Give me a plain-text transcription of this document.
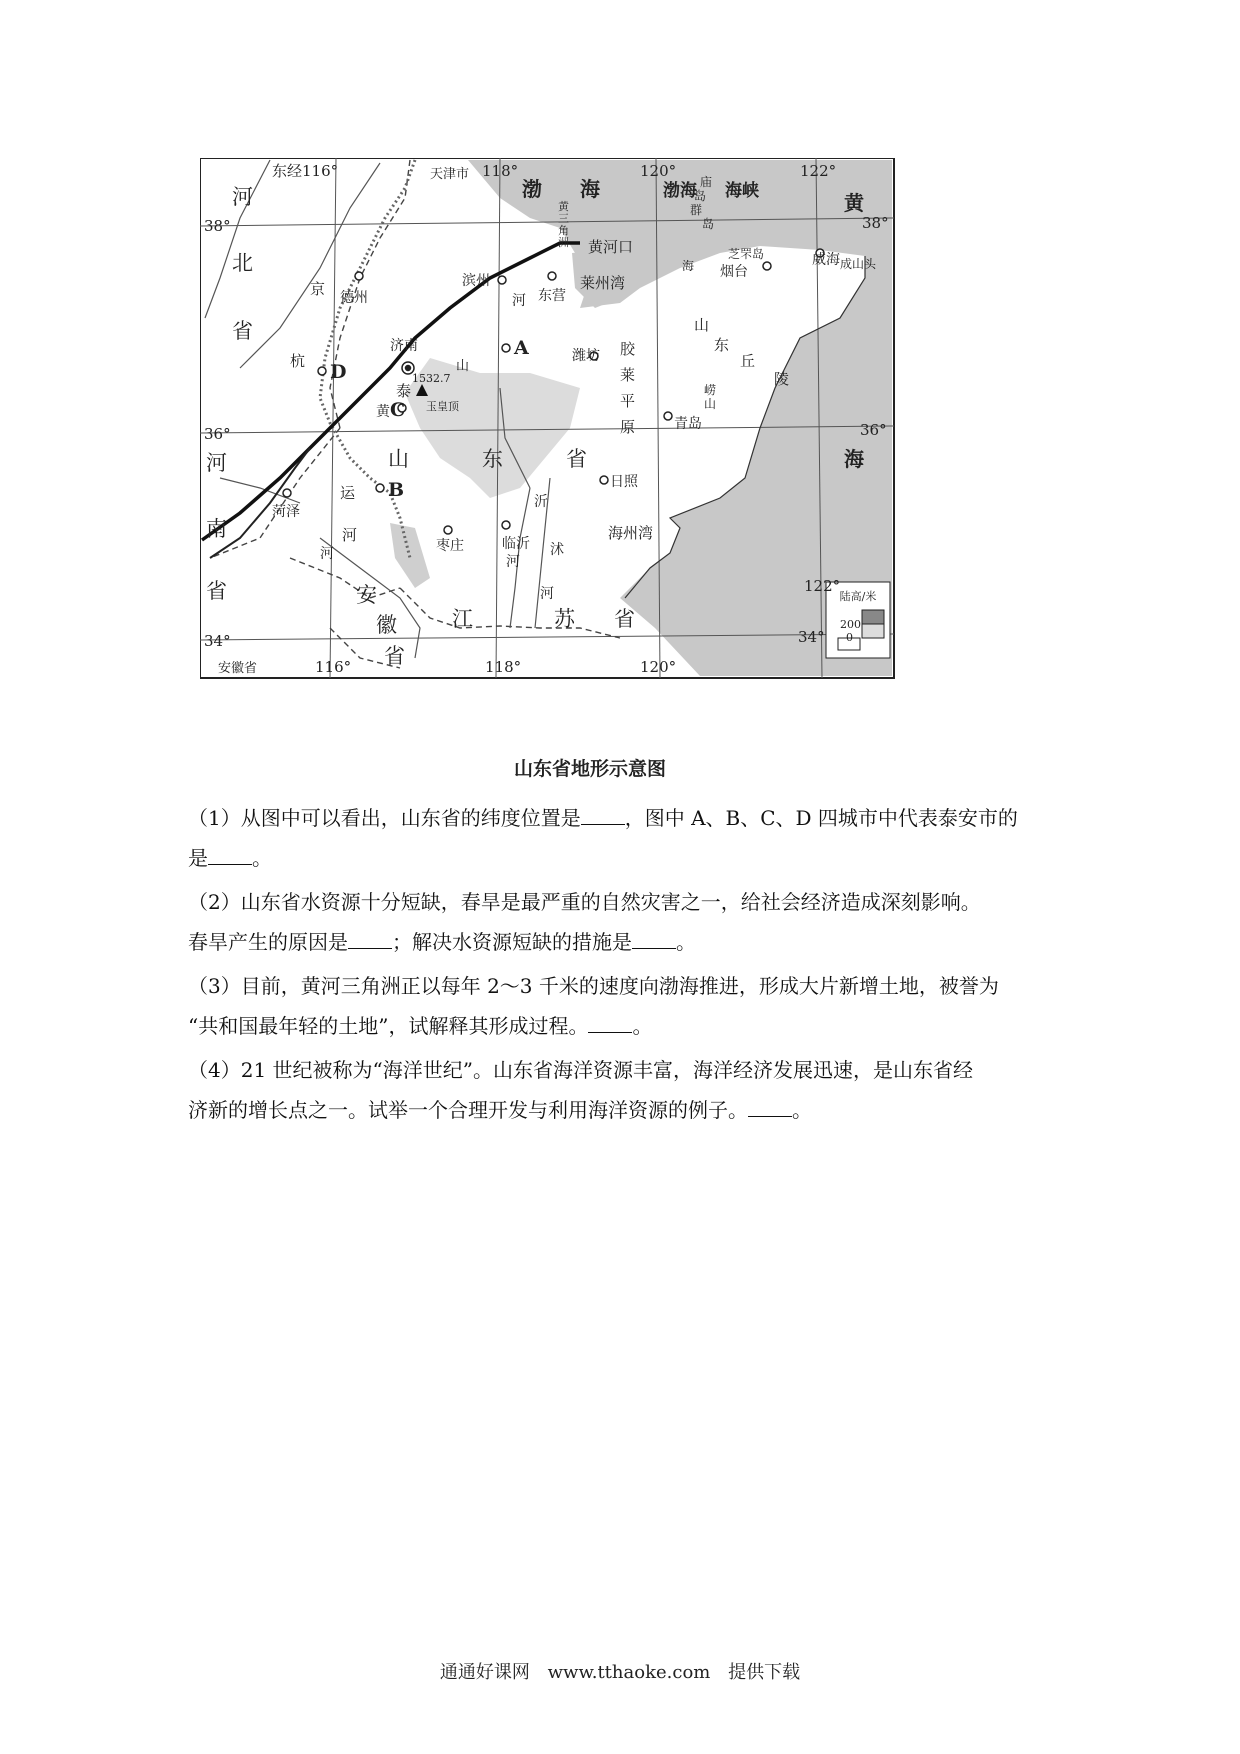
陆高/米
200
0
东经116°	118°	120°	122°
116°	118°	120°
122°
38°
36°
34°
38°
36°
34°
渤 海	渤海 海峡	黄
海
海
庙
岛
群
岛
芝罘岛
河
北
省
河
南
省	安
徽
省
江	苏 省
山	东	省
天津市
安徽省
京
杭
运
河
黄
河
河
沂
河
沭
河
黄
三
角
洲
德州
滨州
东营
济南
潍坊
烟台
威海
青岛
日照
临沂
枣庄
菏泽
A
B
C
D
黄河口
莱州湾
海州湾
成山头
胶
莱
平
原
山
东
丘
陵
崂
山
泰
山
1532.7
玉皇顶
山东省地形示意图
（1）从图中可以看出，山东省的纬度位置是 ，图中 A、B、C、D 四城市中代表泰安市的
是 。
（2）山东省水资源十分短缺，春旱是最严重的自然灾害之一，给社会经济造成深刻影响。
春旱产生的原因是 ；解决水资源短缺的措施是 。
（3）目前，黄河三角洲正以每年 2～3 千米的速度向渤海推进，形成大片新增土地，被誉为
“共和国最年轻的土地”，试解释其形成过程。 。
（4）21 世纪被称为“海洋世纪”。山东省海洋资源丰富，海洋经济发展迅速，是山东省经
济新的增长点之一。试举一个合理开发与利用海洋资源的例子。 。
通通好课网 www.tthaoke.com 提供下载
